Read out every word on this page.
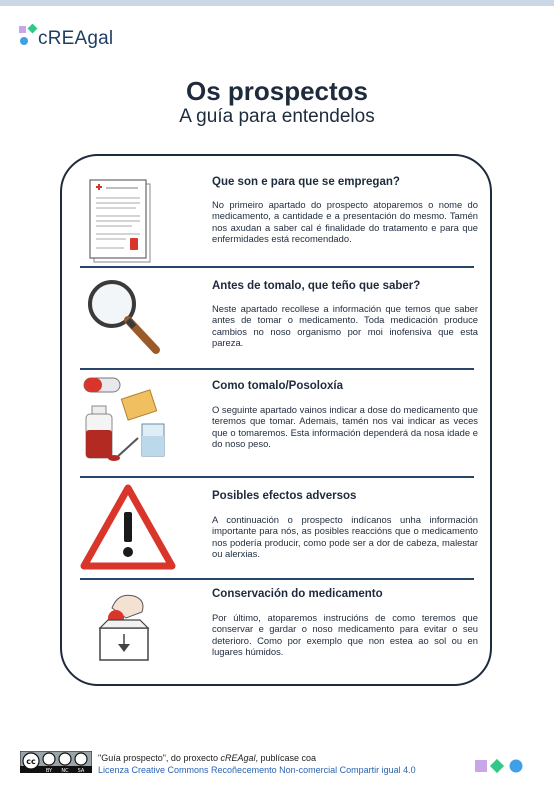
cREAgal
Os prospectos
A guía para entendelos
Que son e para que se empregan?
No primeiro apartado do prospecto atoparemos o nome do medicamento, a cantidade e a presentación do mesmo. Tamén nos axudan a saber cal é finalidade do tratamento e para que enfermidades está recomendado.
Antes de tomalo, que teño que saber?
Neste apartado recollese a información que temos que saber antes de tomar o medicamento. Toda medicación produce cambios no noso organismo por moi inofensiva que esta pareza.
Como tomalo/Posoloxía
O seguinte apartado vainos indicar a dose do medicamento que teremos que tomar. Ademais, tamén nos vai indicar as veces que o tomaremos. Esta información dependerá da nosa idade e do noso peso.
Posibles efectos adversos
A continuación o prospecto indícanos unha información importante para nós, as posibles reaccións que o medicamento nos podería producir, como pode ser a dor de cabeza, malestar ou alerxias.
Conservación do medicamento
Por último, atoparemos instrucións de como teremos que conservar e gardar o noso medicamento para evitar o seu deterioro. Como por exemplo que non estea ao sol ou en lugares húmidos.
cc
BY NC SA
"Guía prospecto", do proxecto cREAgal, publícase coa
Licenza Creative Commons Recoñecemento Non-comercial Compartir igual 4.0
